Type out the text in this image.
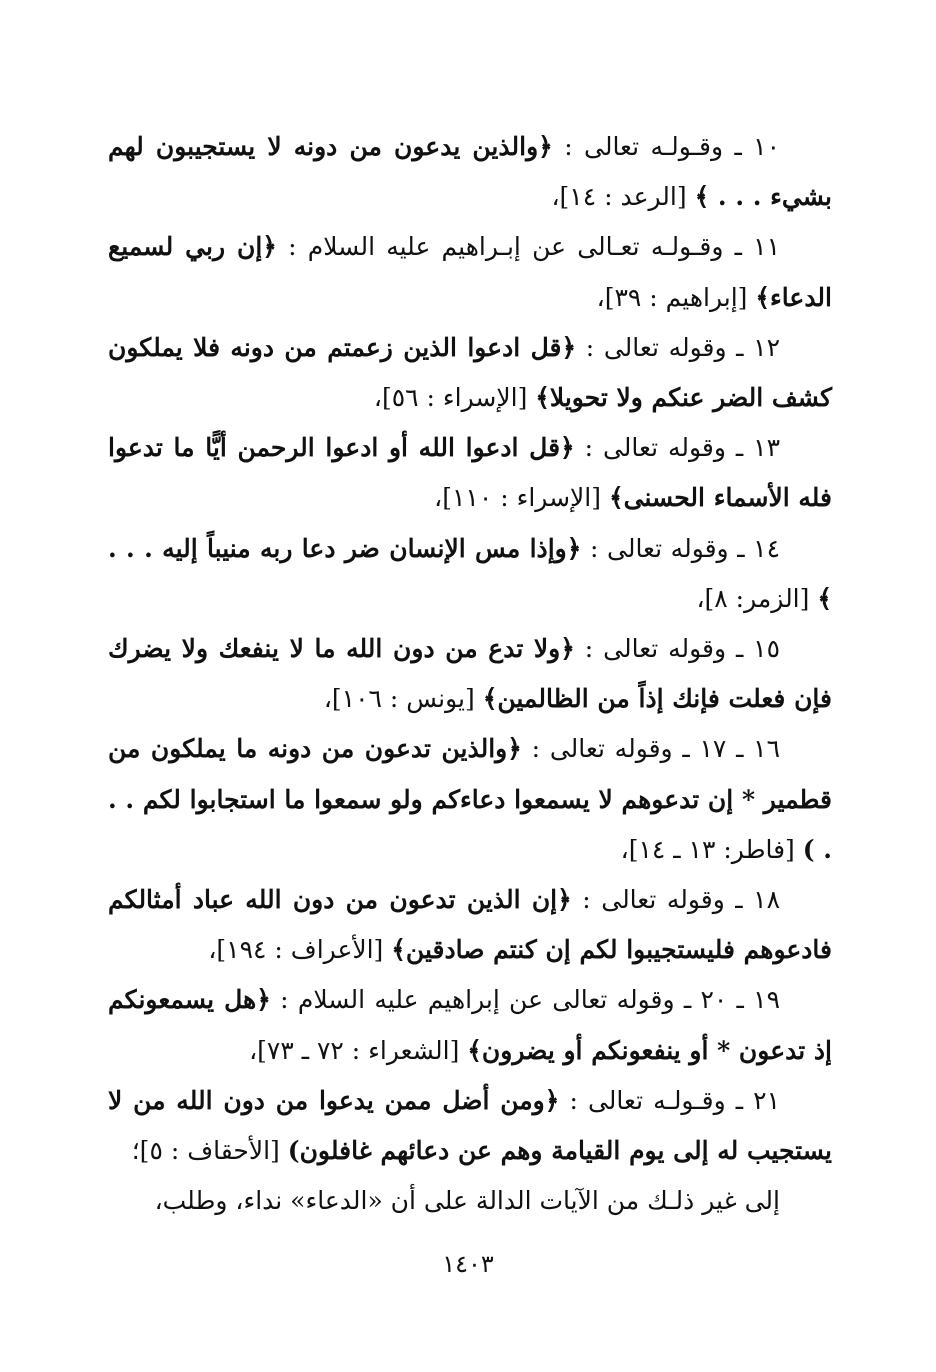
١٠ ـ وقـولـه تعالى : ﴿والذين يدعون من دونه لا يستجيبون لهم بشيء . . . ﴾ [الرعد : ١٤]،

١١ ـ وقـولـه تعـالى عن إبـراهيم عليه السلام : ﴿إن ربي لسميع الدعاء﴾ [إبراهيم : ٣٩]،

١٢ ـ وقوله تعالى : ﴿قل ادعوا الذين زعمتم من دونه فلا يملكون كشف الضر عنكم ولا تحويلا﴾ [الإسراء : ٥٦]،

١٣ ـ وقوله تعالى : ﴿قل ادعوا الله أو ادعوا الرحمن أيًّا ما تدعوا فله الأسماء الحسنى﴾ [الإسراء : ١١٠]،

١٤ ـ وقوله تعالى : ﴿وإذا مس الإنسان ضر دعا ربه منيباً إليه . . . ﴾ [الزمر: ٨]،

١٥ ـ وقوله تعالى : ﴿ولا تدع من دون الله ما لا ينفعك ولا يضرك فإن فعلت فإنك إذاً من الظالمين﴾ [يونس : ١٠٦]،

١٦ ـ ١٧ ـ وقوله تعالى : ﴿والذين تدعون من دونه ما يملكون من قطمير * إن تدعوهم لا يسمعوا دعاءكم ولو سمعوا ما استجابوا لكم . . . ) [فاطر: ١٣ ـ ١٤]،

١٨ ـ وقوله تعالى : ﴿إن الذين تدعون من دون الله عباد أمثالكم فادعوهم فليستجيبوا لكم إن كنتم صادقين﴾ [الأعراف : ١٩٤]،

١٩ ـ ٢٠ ـ وقوله تعالى عن إبراهيم عليه السلام : ﴿هل يسمعونكم إذ تدعون * أو ينفعونكم أو يضرون﴾ [الشعراء : ٧٢ ـ ٧٣]،

٢١ ـ وقـولـه تعالى : ﴿ومن أضل ممن يدعوا من دون الله من لا يستجيب له إلى يوم القيامة وهم عن دعائهم غافلون) [الأحقاف : ٥]؛

إلى غير ذلـك من الآيات الدالة على أن «الدعاء» نداء، وطلب،

١٤٠٣
